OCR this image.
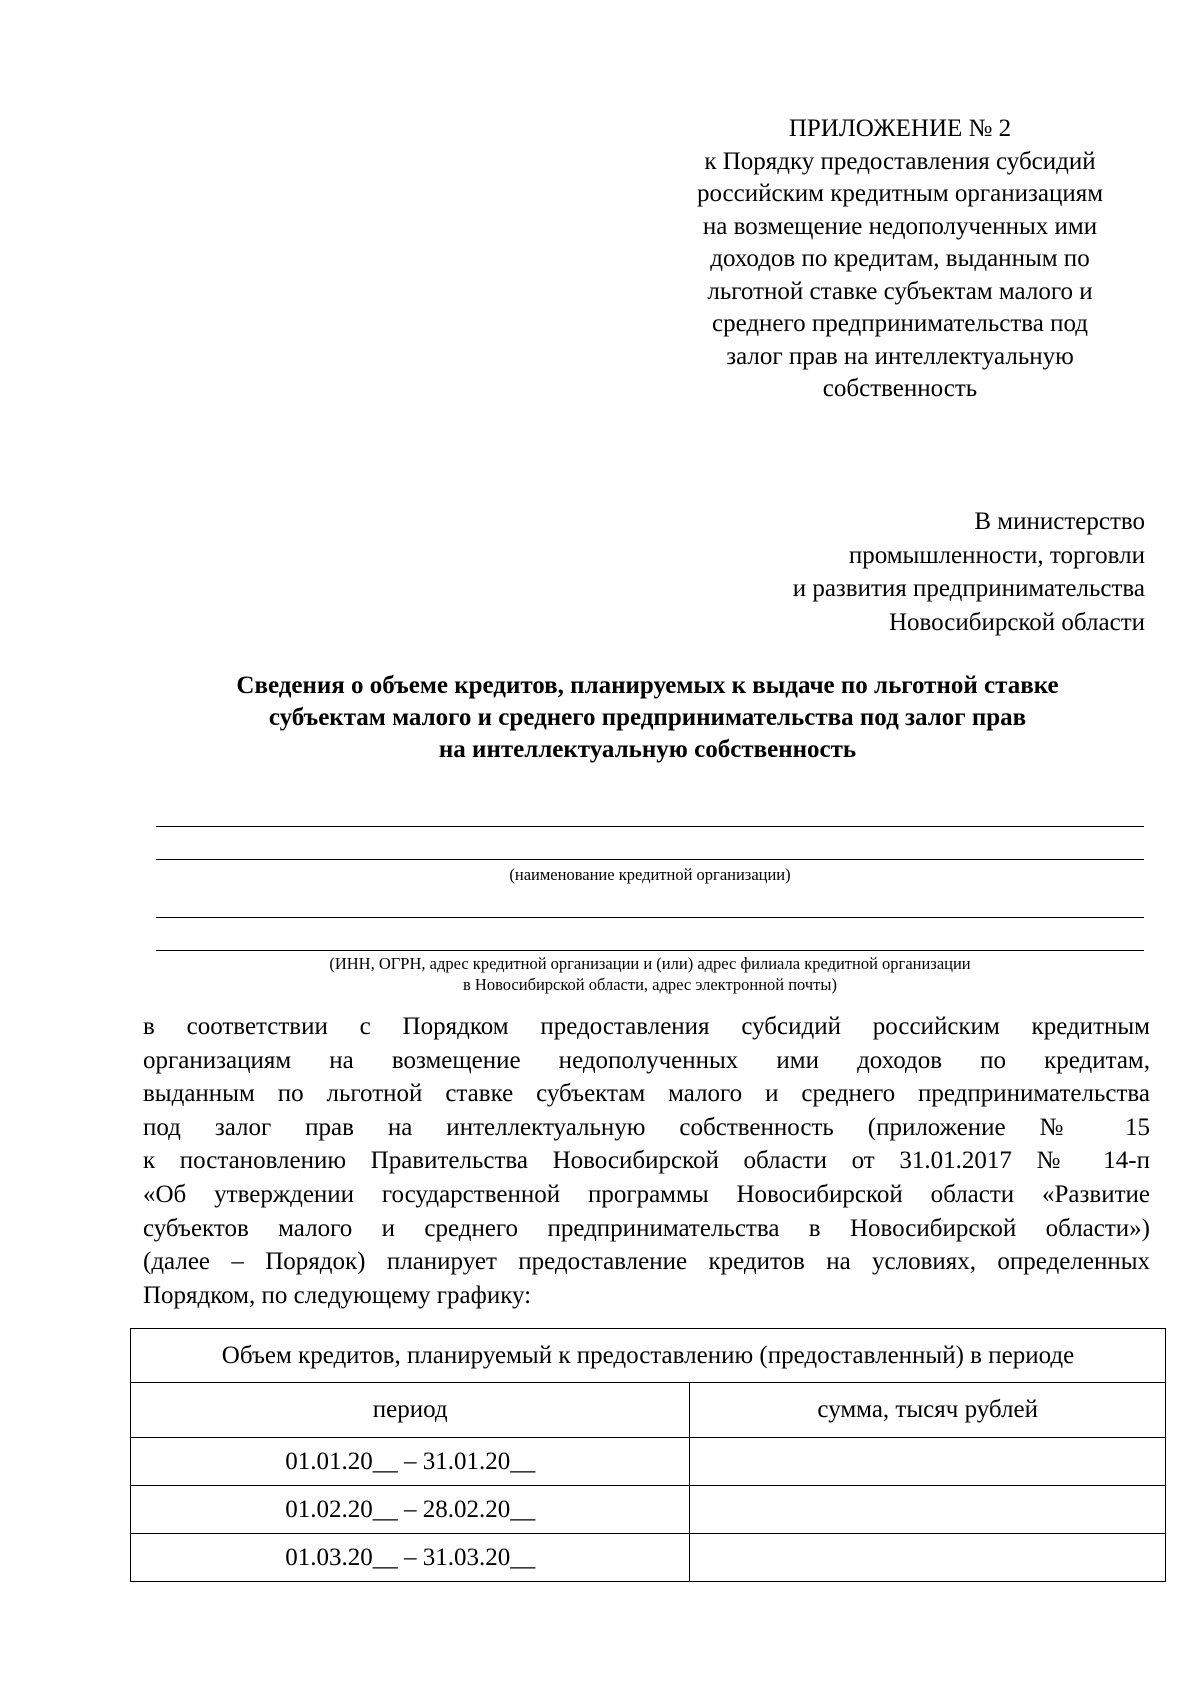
ПРИЛОЖЕНИЕ № 2
к Порядку предоставления субсидий
российским кредитным организациям
на возмещение недополученных ими
доходов по кредитам, выданным по
льготной ставке субъектам малого и
среднего предпринимательства под
залог прав на интеллектуальную
собственность
В министерство
промышленности, торговли
и развития предпринимательства
Новосибирской области
Сведения о объеме кредитов, планируемых к выдаче по льготной ставке
субъектам малого и среднего предпринимательства под залог прав
на интеллектуальную собственность
(наименование кредитной организации)
(ИНН, ОГРН, адрес кредитной организации и (или) адрес филиала кредитной организации
в Новосибирской области, адрес электронной почты)
в соответствии с Порядком предоставления субсидий российским кредитным
организациям на возмещение недополученных ими доходов по кредитам,
выданным по льготной ставке субъектам малого и среднего предпринимательства
под залог прав на интеллектуальную собственность (приложение № 15
к постановлению Правительства Новосибирской области от 31.01.2017 № 14-п
«Об утверждении государственной программы Новосибирской области «Развитие
субъектов малого и среднего предпринимательства в Новосибирской области»)
(далее – Порядок) планирует предоставление кредитов на условиях, определенных
Порядком, по следующему графику:
Объем кредитов, планируемый к предоставлению (предоставленный) в периоде	
период	сумма, тысяч рублей
01.01.20__ – 31.01.20__	
01.02.20__ – 28.02.20__	
01.03.20__ – 31.03.20__	
